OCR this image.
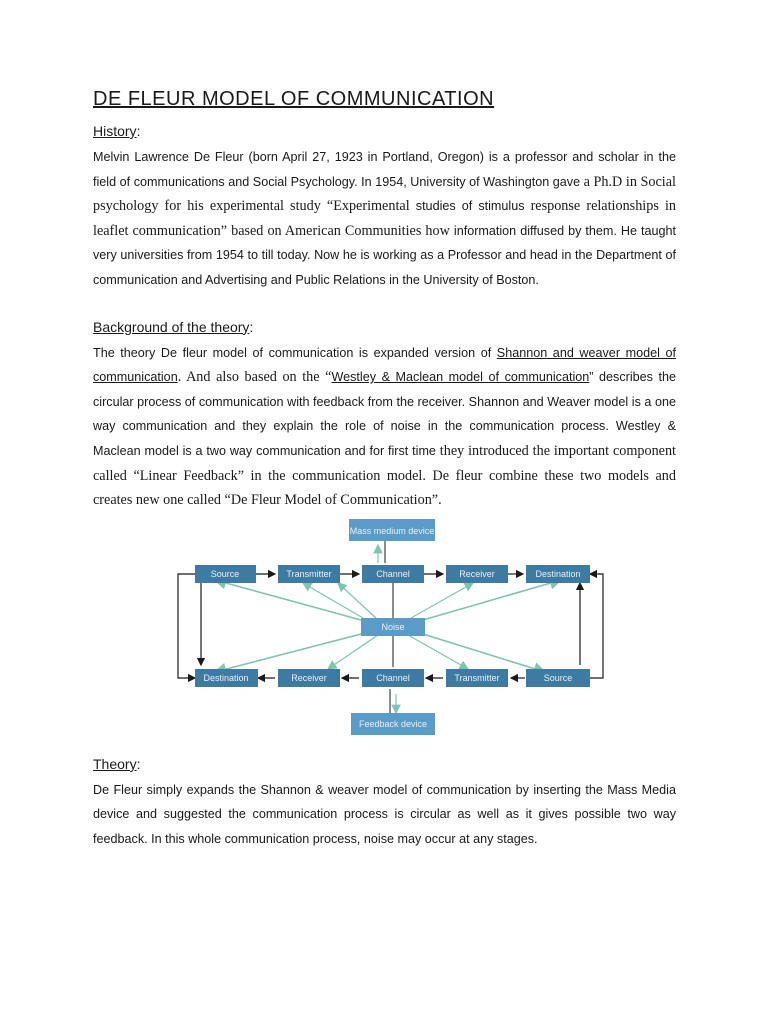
DE FLEUR MODEL OF COMMUNICATION
History:

Melvin Lawrence De Fleur (born April 27, 1923 in Portland, Oregon) is a professor and scholar in the field of communications and Social Psychology. In 1954, University of Washington gave a Ph.D in Social psychology for his experimental study “Experimental studies of stimulus response relationships in leaflet communication” based on American Communities how information diffused by them. He taught very universities from 1954 to till today. Now he is working as a Professor and head in the Department of communication and Advertising and Public Relations in the University of Boston.

Background of the theory:

The theory De fleur model of communication is expanded version of Shannon and weaver model of communication. And also based on the “Westley & Maclean model of communication” describes the circular process of communication with feedback from the receiver. Shannon and Weaver model is a one way communication and they explain the role of noise in the communication process. Westley & Maclean model is a two way communication and for first time they introduced the important component called “Linear Feedback” in the communication model. De fleur combine these two models and creates new one called “De Fleur Model of Communication”.

Source	Transmitter	Channel	Receiver	Destination
Destination	Receiver	Channel	Transmitter	Source
Mass medium device
Noise
Feedback device
Theory:

De Fleur simply expands the Shannon & weaver model of communication by inserting the Mass Media device and suggested the communication process is circular as well as it gives possible two way feedback. In this whole communication process, noise may occur at any stages.
